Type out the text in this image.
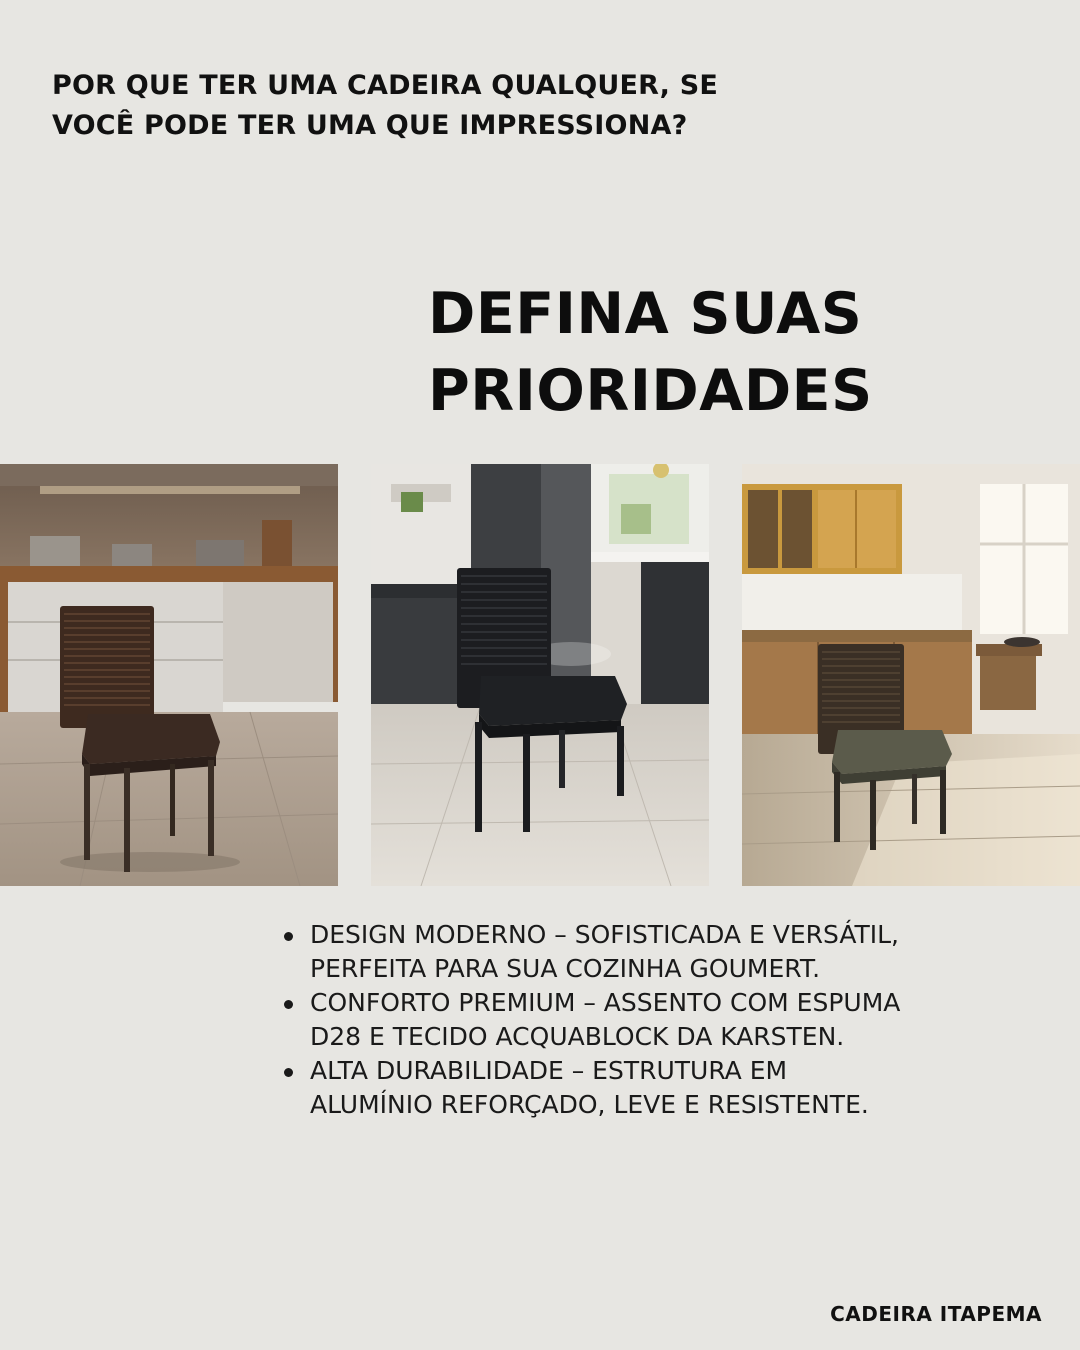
POR QUE TER UMA CADEIRA QUALQUER, SE
VOCÊ PODE TER UMA QUE IMPRESSIONA?
DEFINA SUAS
PRIORIDADES
DESIGN MODERNO – SOFISTICADA E VERSÁTIL, PERFEITA PARA SUA COZINHA GOUMERT.
CONFORTO PREMIUM – ASSENTO COM ESPUMA D28 E TECIDO ACQUABLOCK DA KARSTEN.
ALTA DURABILIDADE – ESTRUTURA EM ALUMÍNIO REFORÇADO, LEVE E RESISTENTE.
CADEIRA ITAPEMA
